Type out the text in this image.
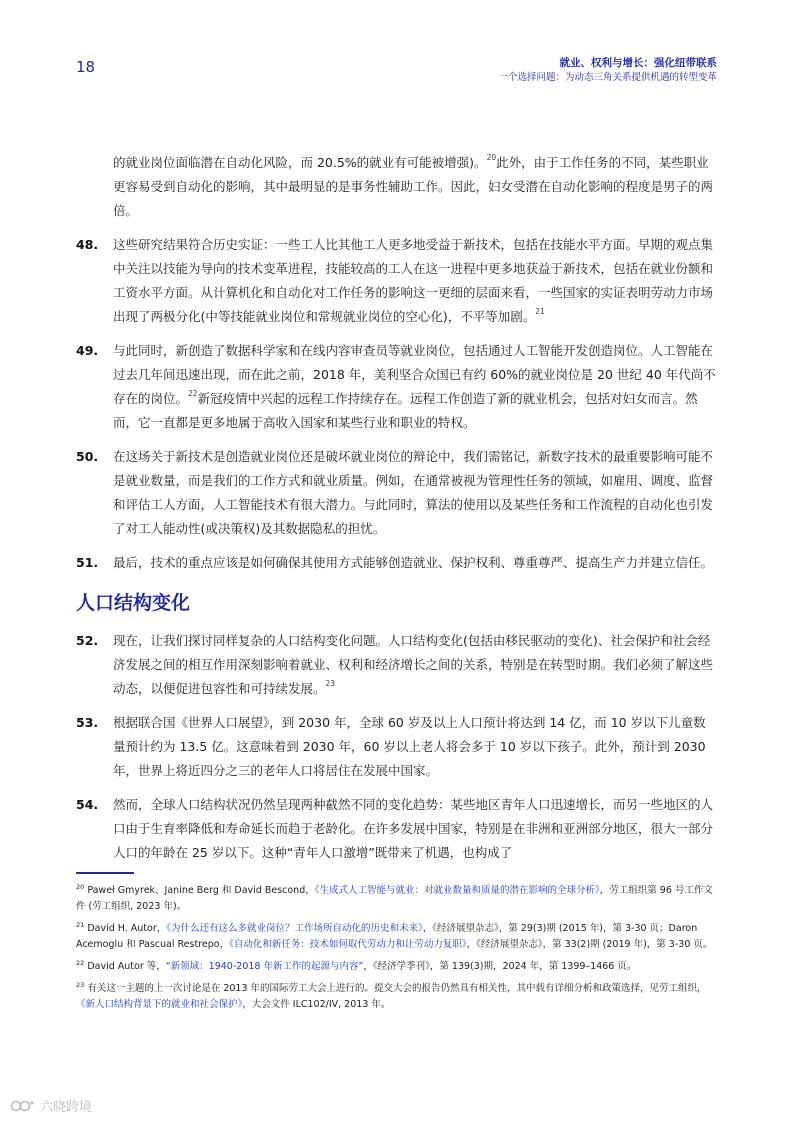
18	就业、权利与增长：强化纽带联系
一个选择问题：为动态三角关系提供机遇的转型变革

的就业岗位面临潜在自动化风险，而 20.5%的就业有可能被增强)。$^{20}$此外，由于工作任务的不同，某些职业更容易受到自动化的影响，其中最明显的是事务性辅助工作。因此，妇女受潜在自动化影响的程度是男子的两倍。

48.	这些研究结果符合历史实证：一些工人比其他工人更多地受益于新技术，包括在技能水平方面。早期的观点集中关注以技能为导向的技术变革进程，技能较高的工人在这一进程中更多地获益于新技术，包括在就业份额和工资水平方面。从计算机化和自动化对工作任务的影响这一更细的层面来看，一些国家的实证表明劳动力市场出现了两极分化(中等技能就业岗位和常规就业岗位的空心化)，不平等加剧。$^{21}$

49.	与此同时，新创造了数据科学家和在线内容审查员等就业岗位，包括通过人工智能开发创造岗位。人工智能在过去几年间迅速出现，而在此之前，2018 年，美利坚合众国已有约 60%的就业岗位是 20 世纪 40 年代尚不存在的岗位。$^{22}$新冠疫情中兴起的远程工作持续存在。远程工作创造了新的就业机会，包括对妇女而言。然而，它一直都是更多地属于高收入国家和某些行业和职业的特权。

50.	在这场关于新技术是创造就业岗位还是破坏就业岗位的辩论中，我们需铭记，新数字技术的最重要影响可能不是就业数量，而是我们的工作方式和就业质量。例如，在通常被视为管理性任务的领域，如雇用、调度、监督和评估工人方面，人工智能技术有很大潜力。与此同时，算法的使用以及某些任务和工作流程的自动化也引发了对工人能动性(或决策权)及其数据隐私的担忧。

51.	最后，技术的重点应该是如何确保其使用方式能够创造就业、保护权利、尊重尊严、提高生产力并建立信任。

人口结构变化

52.	现在，让我们探讨同样复杂的人口结构变化问题。人口结构变化(包括由移民驱动的变化)、社会保护和社会经济发展之间的相互作用深刻影响着就业、权利和经济增长之间的关系，特别是在转型时期。我们必须了解这些动态，以便促进包容性和可持续发展。$^{23}$

53.	根据联合国《世界人口展望》，到 2030 年，全球 60 岁及以上人口预计将达到 14 亿，而 10 岁以下儿童数量预计约为 13.5 亿。这意味着到 2030 年，60 岁以上老人将会多于 10 岁以下孩子。此外，预计到 2030 年，世界上将近四分之三的老年人口将居住在发展中国家。

54.	然而，全球人口结构状况仍然呈现两种截然不同的变化趋势：某些地区青年人口迅速增长，而另一些地区的人口由于生育率降低和寿命延长而趋于老龄化。在许多发展中国家，特别是在非洲和亚洲部分地区，很大一部分人口的年龄在 25 岁以下。这种“青年人口激增”既带来了机遇，也构成了

$^{20}$ Paweł Gmyrek、Janine Berg 和 David Bescond，《生成式人工智能与就业：对就业数量和质量的潜在影响的全球分析》，劳工组织第 96 号工作文件 (劳工组织, 2023 年)。

$^{21}$ David H. Autor，《为什么还有这么多就业岗位？工作场所自动化的历史和未来》，《经济展望杂志》，第 29(3)期 (2015 年)，第 3-30 页；Daron Acemoglu 和 Pascual Restrepo，《自动化和新任务：技术如何取代劳动力和让劳动力复职》，《经济展望杂志》，第 33(2)期 (2019 年)，第 3-30 页。

$^{22}$ David Autor 等，“新领域：1940-2018 年新工作的起源与内容”，《经济学季刊》，第 139(3)期，2024 年，第 1399–1466 页。

$^{23}$ 有关这一主题的上一次讨论是在 2013 年的国际劳工大会上进行的。提交大会的报告仍然具有相关性，其中载有详细分析和政策选择，见劳工组织，《新人口结构背景下的就业和社会保护》，大会文件 ILC102/IV, 2013 年。

六晓跨境
